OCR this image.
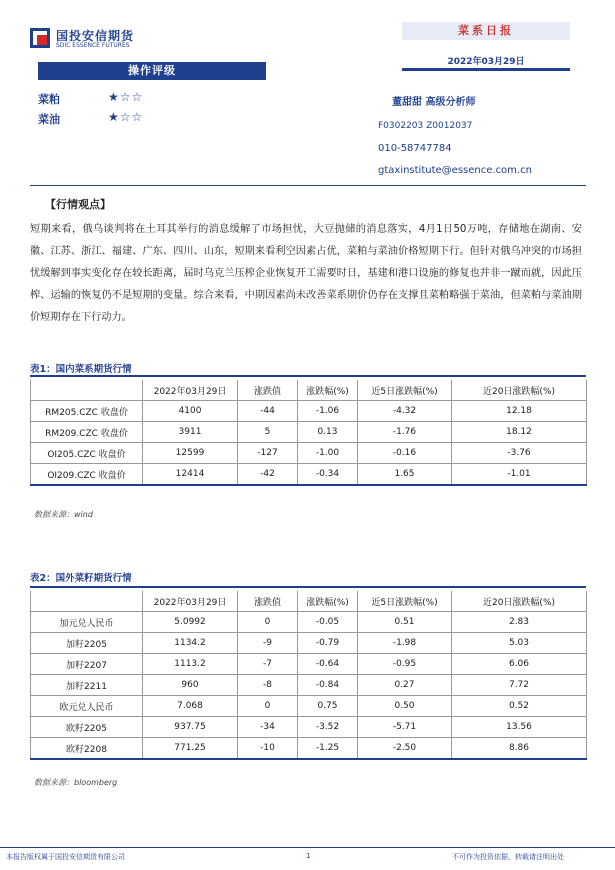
国投安信期货
SDIC ESSENCE FUTURES
菜系日报
2022年03月29日
操作评级
菜粕	★☆☆
菜油	★☆☆
董甜甜 高级分析师
F0302203 Z0012037
010-58747784
gtaxinstitute@essence.com.cn
【行情观点】
短期来看，俄乌谈判将在土耳其举行的消息缓解了市场担忧，大豆抛储的消息落实，4月1日50万吨，存储地在湖南、安徽、江苏、浙江、福建、广东、四川、山东，短期来看利空因素占优，菜粕与菜油价格短期下行。但针对俄乌冲突的市场担忧缓解到事实变化存在较长距离，届时乌克兰压榨企业恢复开工需要时日，基建和港口设施的修复也并非一蹴而就，因此压榨、运输的恢复仍不是短期的变量。综合来看，中期因素尚未改善菜系期价仍存在支撑且菜粕略强于菜油，但菜粕与菜油期价短期存在下行动力。
表1：国内菜系期货行情
	2022年03月29日	涨跌值	涨跌幅(%)	近5日涨跌幅(%)	近20日涨跌幅(%)
RM205.CZC 收盘价	4100	-44	-1.06	-4.32	12.18
RM209.CZC 收盘价	3911	5	0.13	-1.76	18.12
OI205.CZC 收盘价	12599	-127	-1.00	-0.16	-3.76
OI209.CZC 收盘价	12414	-42	-0.34	1.65	-1.01
数据来源：wind
表2：国外菜籽期货行情
	2022年03月29日	涨跌值	涨跌幅(%)	近5日涨跌幅(%)	近20日涨跌幅(%)
加元兑人民币	5.0992	0	-0.05	0.51	2.83
加籽2205	1134.2	-9	-0.79	-1.98	5.03
加籽2207	1113.2	-7	-0.64	-0.95	6.06
加籽2211	960	-8	-0.84	0.27	7.72
欧元兑人民币	7.068	0	0.75	0.50	0.52
欧籽2205	937.75	-34	-3.52	-5.71	13.56
欧籽2208	771.25	-10	-1.25	-2.50	8.86
数据来源：bloomberg
本报告版权属于国投安信期货有限公司	1	不可作为投资依据，转载请注明出处
